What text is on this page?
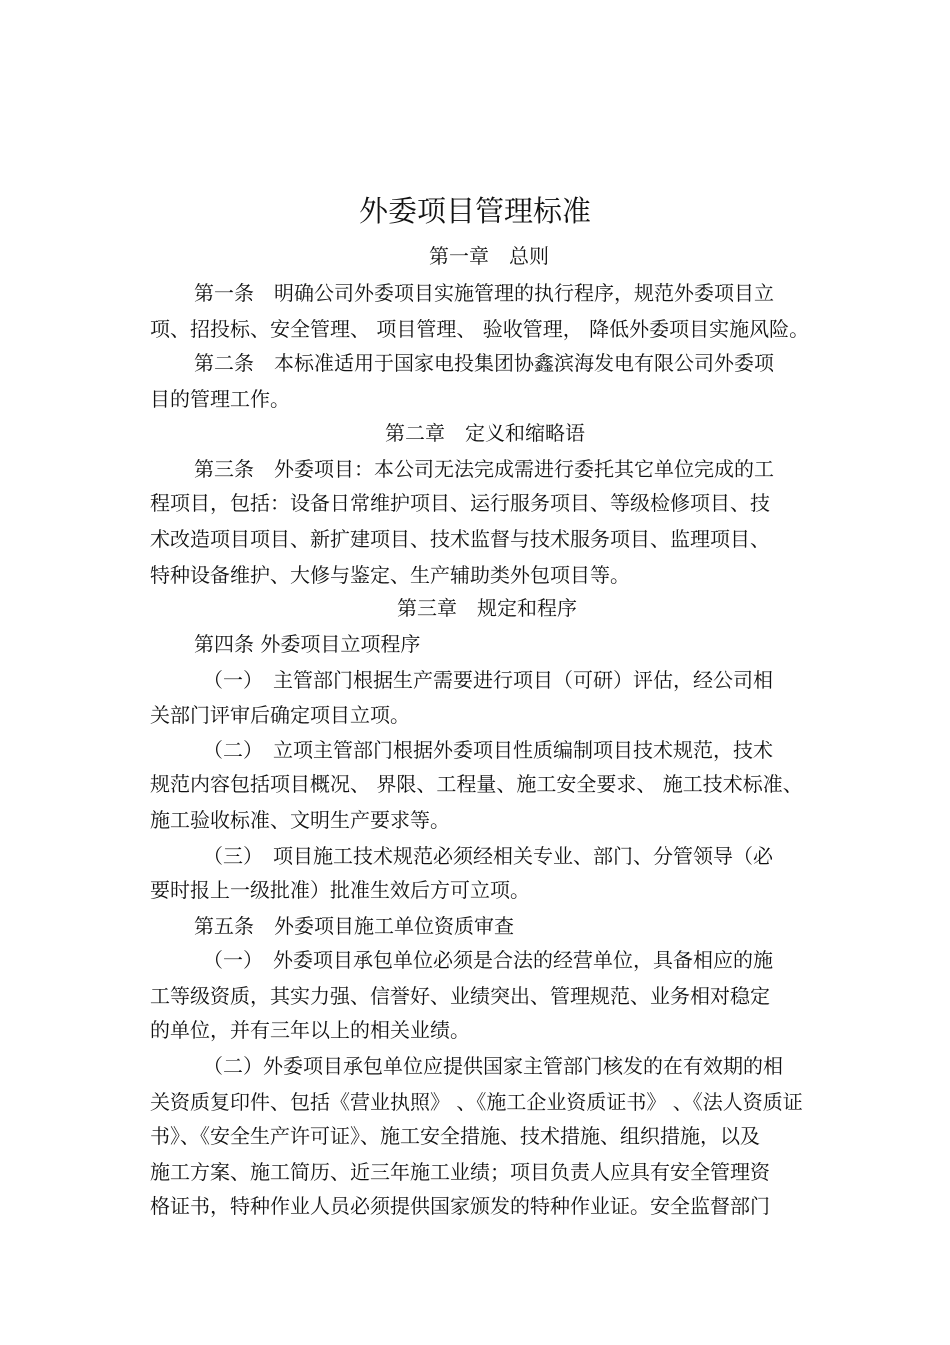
外委项目管理标准
第一章　总则

第一条　明确公司外委项目实施管理的执行程序，规范外委项目立

项、招投标、安全管理、 项目管理、 验收管理， 降低外委项目实施风险。

第二条　本标准适用于国家电投集团协鑫滨海发电有限公司外委项

目的管理工作。

第二章　定义和缩略语

第三条　外委项目：本公司无法完成需进行委托其它单位完成的工

程项目，包括：设备日常维护项目、运行服务项目、等级检修项目、技

术改造项目项目、新扩建项目、技术监督与技术服务项目、监理项目、

特种设备维护、大修与鉴定、生产辅助类外包项目等。

第三章　规定和程序

第四条 外委项目立项程序

（一）　主管部门根据生产需要进行项目（可研）评估，经公司相

关部门评审后确定项目立项。

（二）　立项主管部门根据外委项目性质编制项目技术规范，技术

规范内容包括项目概况、 界限、工程量、施工安全要求、 施工技术标准、

施工验收标准、文明生产要求等。

（三）　项目施工技术规范必须经相关专业、部门、分管领导（必

要时报上一级批准）批准生效后方可立项。

第五条　外委项目施工单位资质审查

（一）　外委项目承包单位必须是合法的经营单位，具备相应的施

工等级资质，其实力强、信誉好、业绩突出、管理规范、业务相对稳定

的单位，并有三年以上的相关业绩。

（二）外委项目承包单位应提供国家主管部门核发的在有效期的相

关资质复印件、包括《营业执照》 、《施工企业资质证书》 、《法人资质证

书》、《安全生产许可证》、施工安全措施、技术措施、组织措施，以及

施工方案、施工简历、近三年施工业绩；项目负责人应具有安全管理资

格证书，特种作业人员必须提供国家颁发的特种作业证。安全监督部门
